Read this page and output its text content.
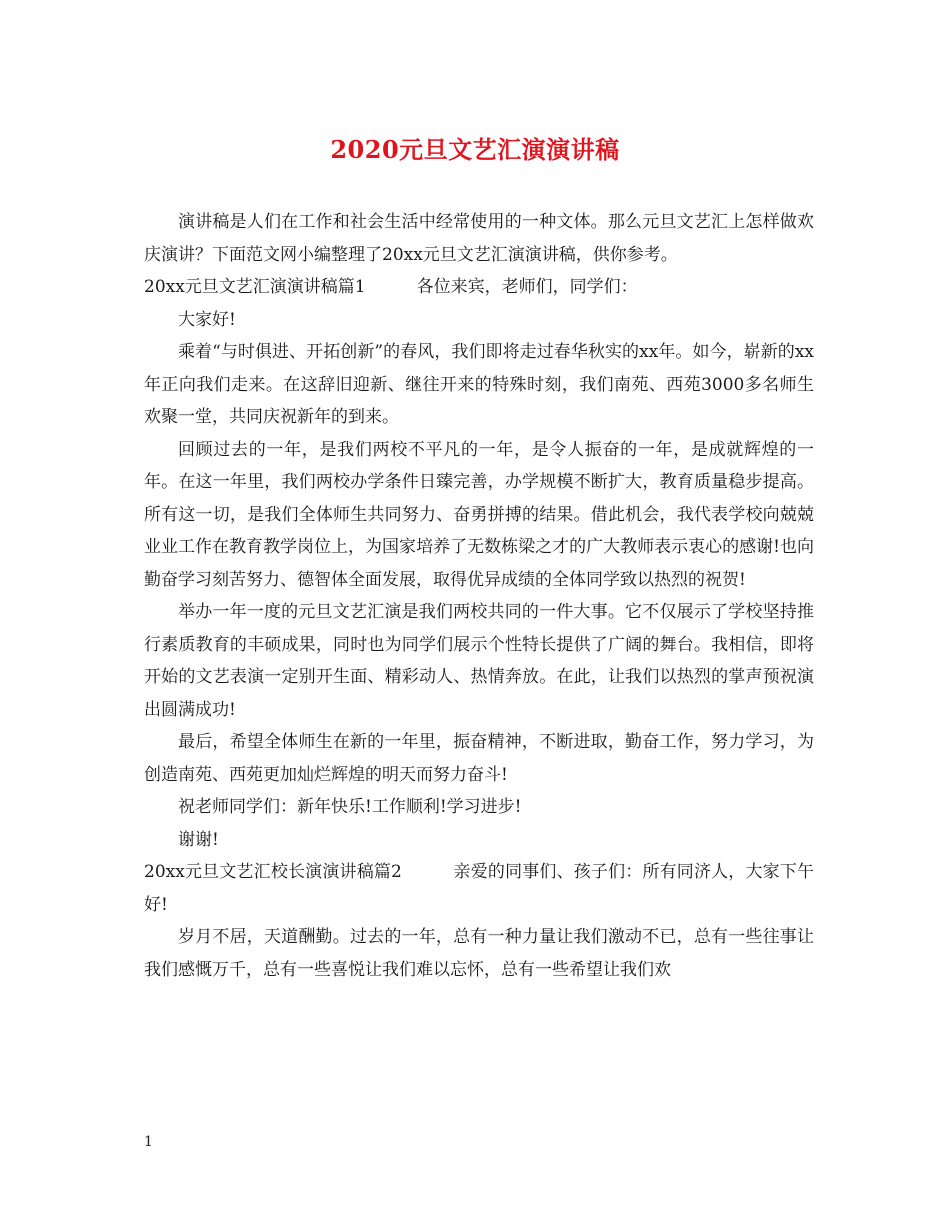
2020元旦文艺汇演演讲稿

演讲稿是人们在工作和社会生活中经常使用的一种文体。那么元旦文艺汇上怎样做欢庆演讲？下面范文网小编整理了20xx元旦文艺汇演演讲稿，供你参考。

20xx元旦文艺汇演演讲稿篇1　　　各位来宾，老师们，同学们：

大家好!

乘着“与时俱进、开拓创新”的春风，我们即将走过春华秋实的xx年。如今，崭新的xx年正向我们走来。在这辞旧迎新、继往开来的特殊时刻，我们南苑、西苑3000多名师生欢聚一堂，共同庆祝新年的到来。

回顾过去的一年，是我们两校不平凡的一年，是令人振奋的一年，是成就辉煌的一年。在这一年里，我们两校办学条件日臻完善，办学规模不断扩大，教育质量稳步提高。所有这一切，是我们全体师生共同努力、奋勇拼搏的结果。借此机会，我代表学校向兢兢业业工作在教育教学岗位上，为国家培养了无数栋梁之才的广大教师表示衷心的感谢!也向勤奋学习刻苦努力、德智体全面发展，取得优异成绩的全体同学致以热烈的祝贺!

举办一年一度的元旦文艺汇演是我们两校共同的一件大事。它不仅展示了学校坚持推行素质教育的丰硕成果，同时也为同学们展示个性特长提供了广阔的舞台。我相信，即将开始的文艺表演一定别开生面、精彩动人、热情奔放。在此，让我们以热烈的掌声预祝演出圆满成功!

最后，希望全体师生在新的一年里，振奋精神，不断进取，勤奋工作，努力学习，为创造南苑、西苑更加灿烂辉煌的明天而努力奋斗!

祝老师同学们：新年快乐!工作顺利!学习进步!

谢谢!

20xx元旦文艺汇校长演演讲稿篇2　　　亲爱的同事们、孩子们：所有同济人，大家下午好!

岁月不居，天道酬勤。过去的一年，总有一种力量让我们激动不已，总有一些往事让我们感慨万千，总有一些喜悦让我们难以忘怀，总有一些希望让我们欢

1
